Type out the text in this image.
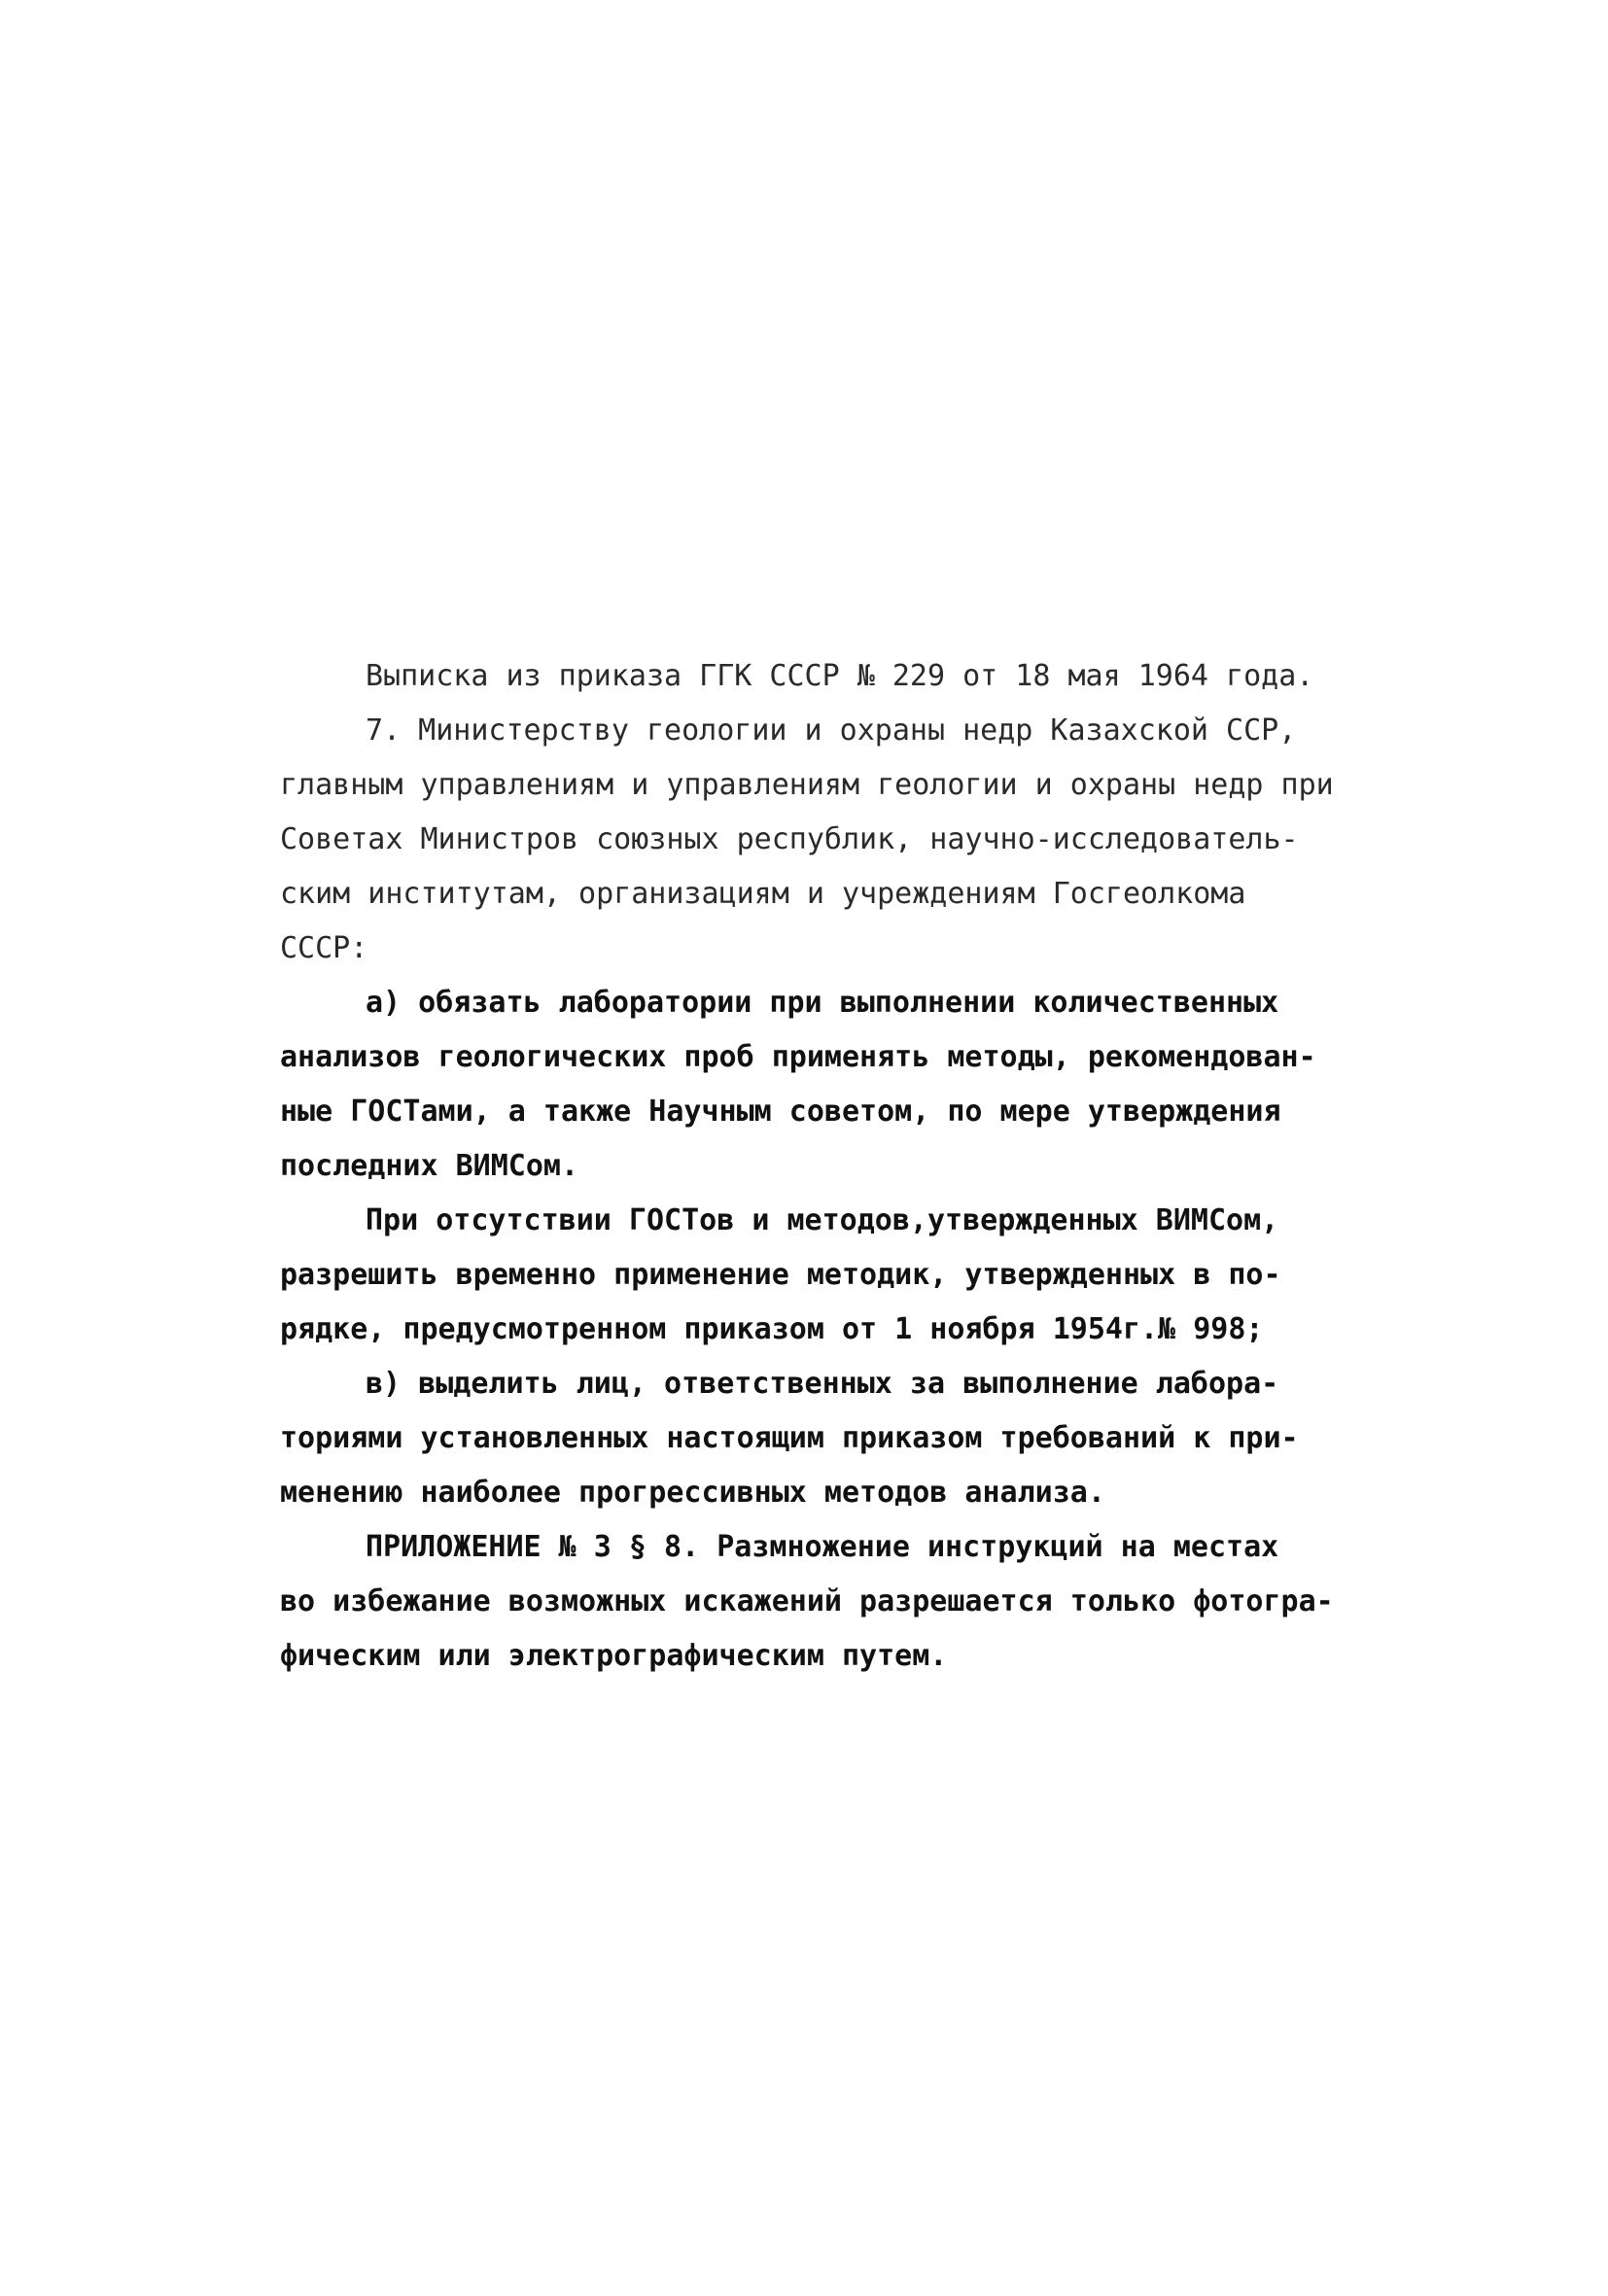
Выписка из приказа ГГК СССР № 229 от 18 мая 1964 года.
7. Министерству геологии и охраны недр Казахской ССР,
главным управлениям и управлениям геологии и охраны недр при
Советах Министров союзных республик, научно-исследователь-
ским институтам, организациям и учреждениям Госгеолкома
СССР:
а) обязать лаборатории при выполнении количественных
анализов геологических проб применять методы, рекомендован-
ные ГОСТами, а также Научным советом, по мере утверждения
последних ВИМСом.
При отсутствии ГОСТов и методов,утвержденных ВИМСом,
разрешить временно применение методик, утвержденных в по-
рядке, предусмотренном приказом от 1 ноября 1954г.№ 998;
в) выделить лиц, ответственных за выполнение лабора-
ториями установленных настоящим приказом требований к при-
менению наиболее прогрессивных методов анализа.
ПРИЛОЖЕНИЕ № 3 § 8. Размножение инструкций на местах
во избежание возможных искажений разрешается только фотогра-
фическим или электрографическим путем.
